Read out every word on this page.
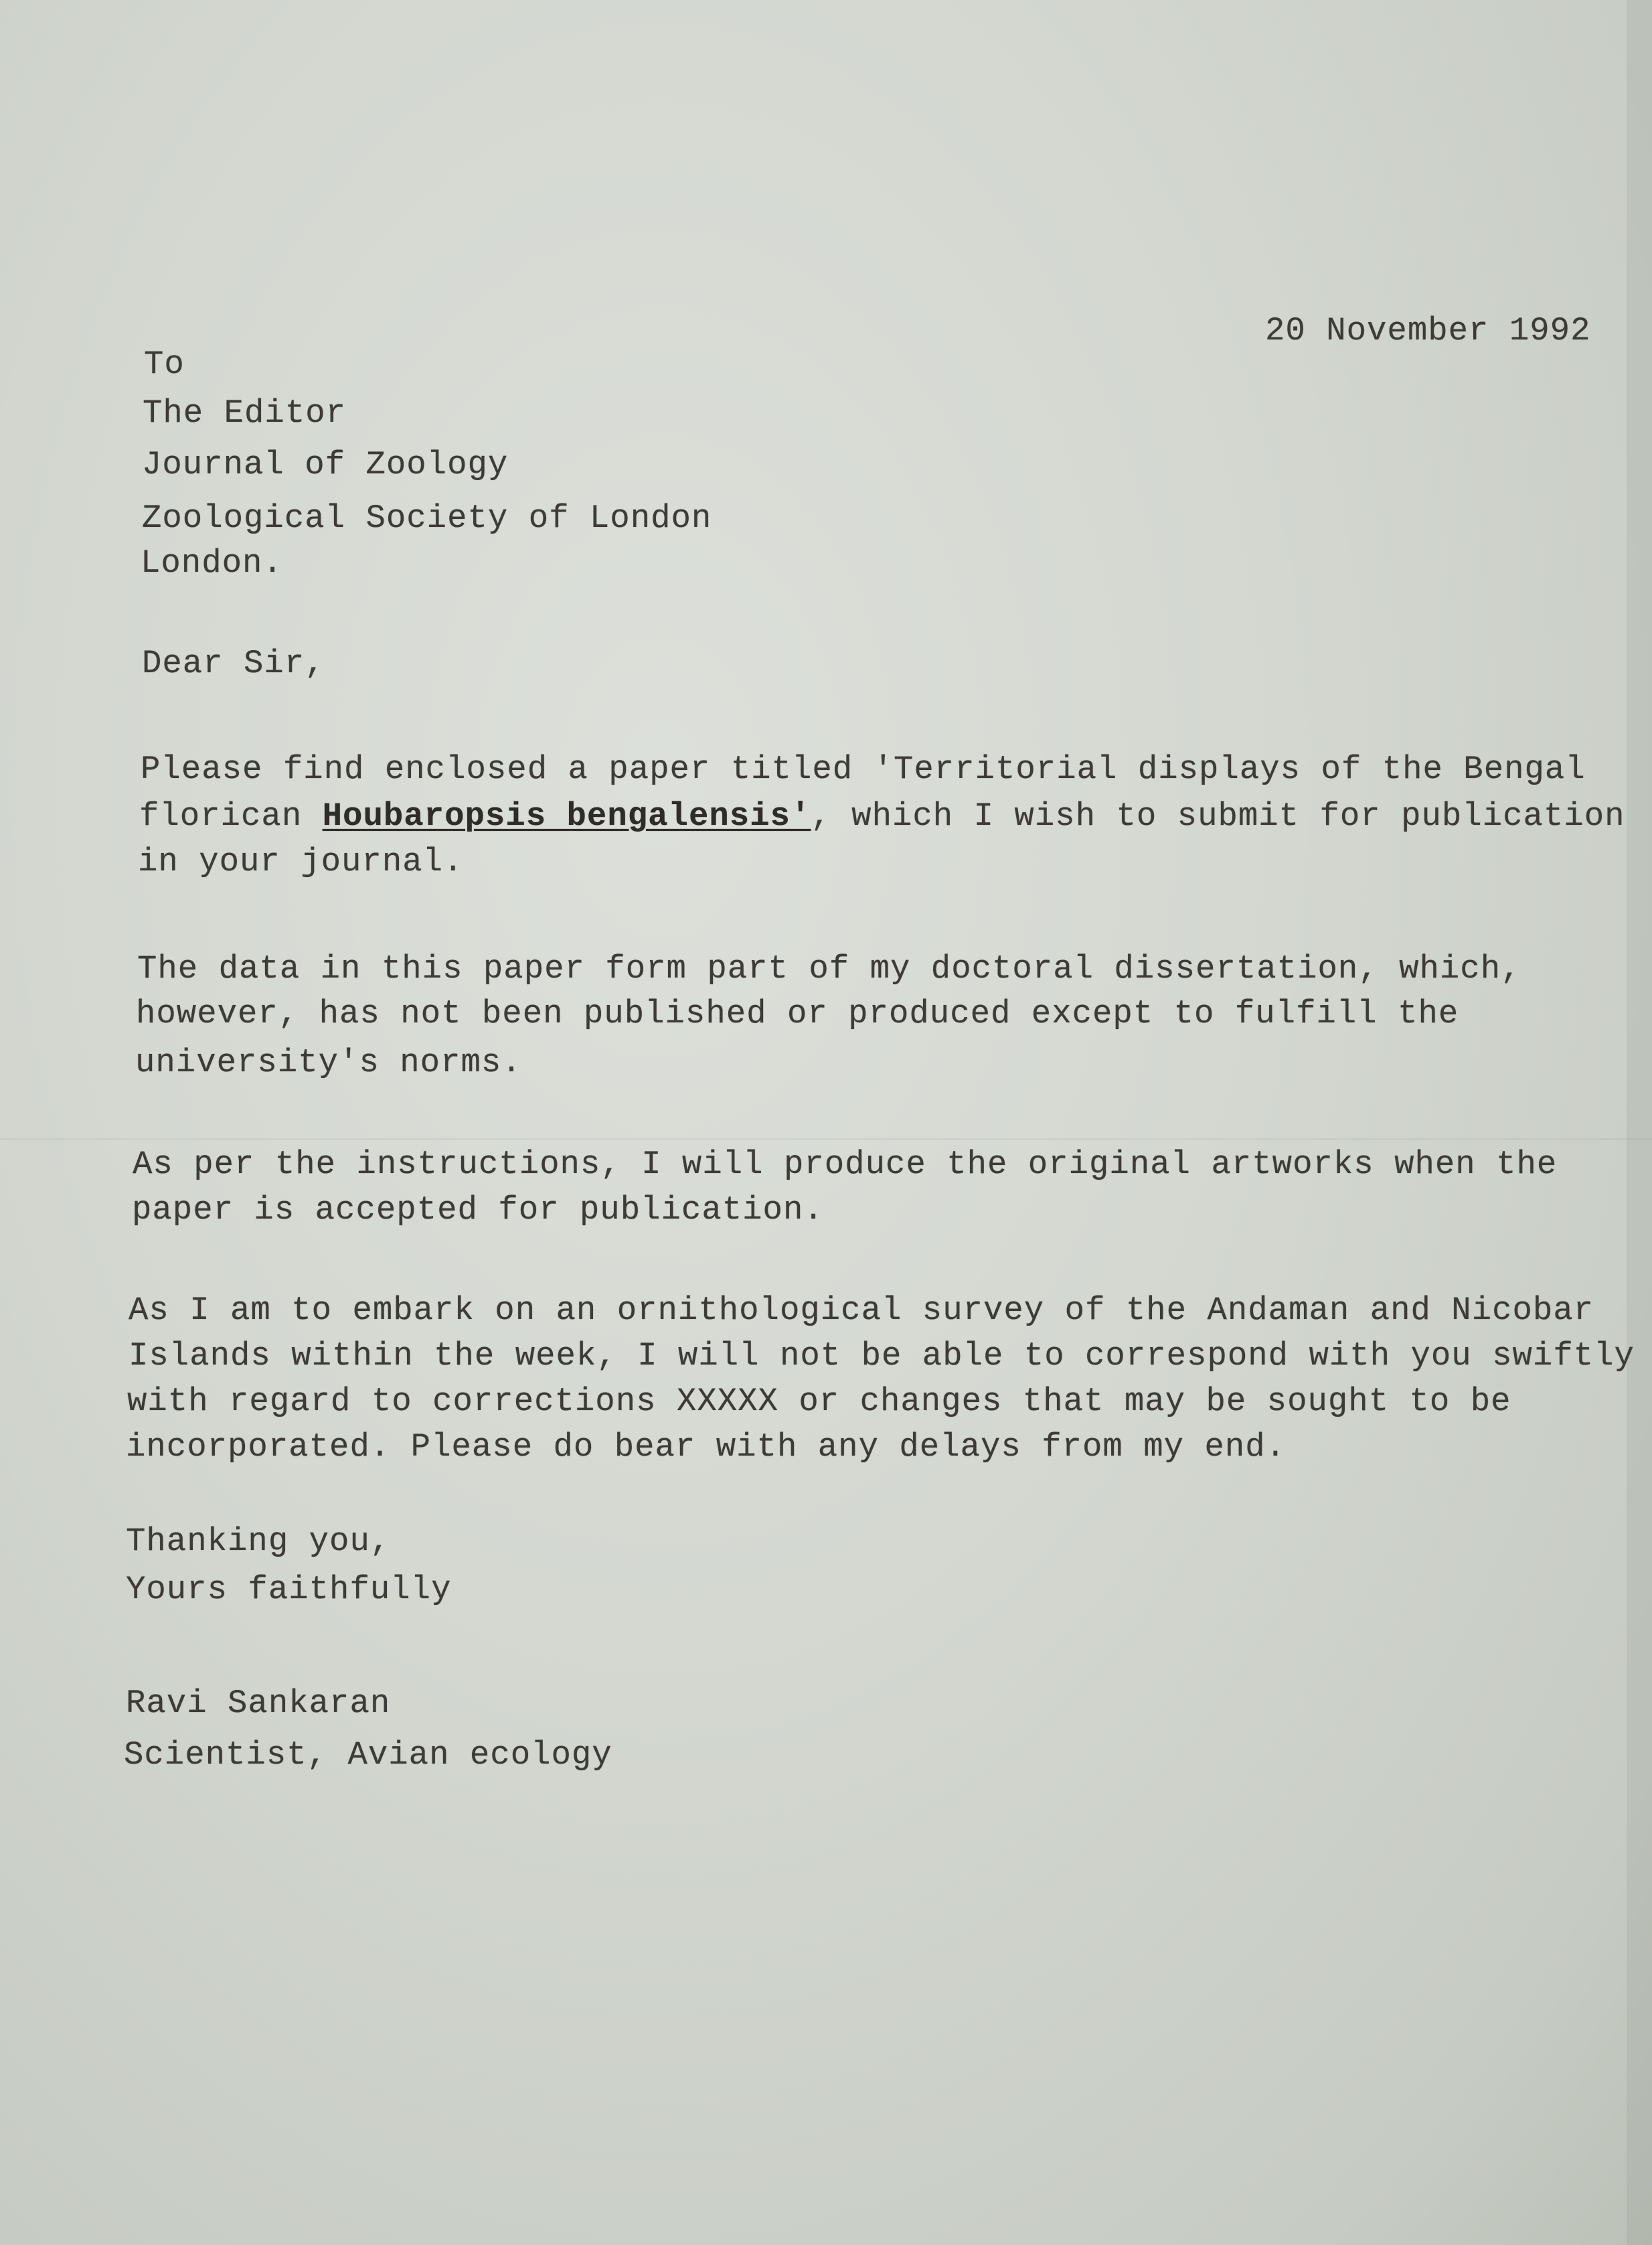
20 November 1992
To
The Editor
Journal of Zoology
Zoological Society of London
London.
Dear Sir,
Please find enclosed a paper titled 'Territorial displays of the Bengal
florican Houbaropsis bengalensis', which I wish to submit for publication
in your journal.
The data in this paper form part of my doctoral dissertation, which,
however, has not been published or produced except to fulfill the
university's norms.
As per the instructions, I will produce the original artworks when the
paper is accepted for publication.
As I am to embark on an ornithological survey of the Andaman and Nicobar
Islands within the week, I will not be able to correspond with you swiftly
with regard to corrections XXXXX or changes that may be sought to be
incorporated. Please do bear with any delays from my end.
Thanking you,
Yours faithfully
Ravi Sankaran
Scientist, Avian ecology
